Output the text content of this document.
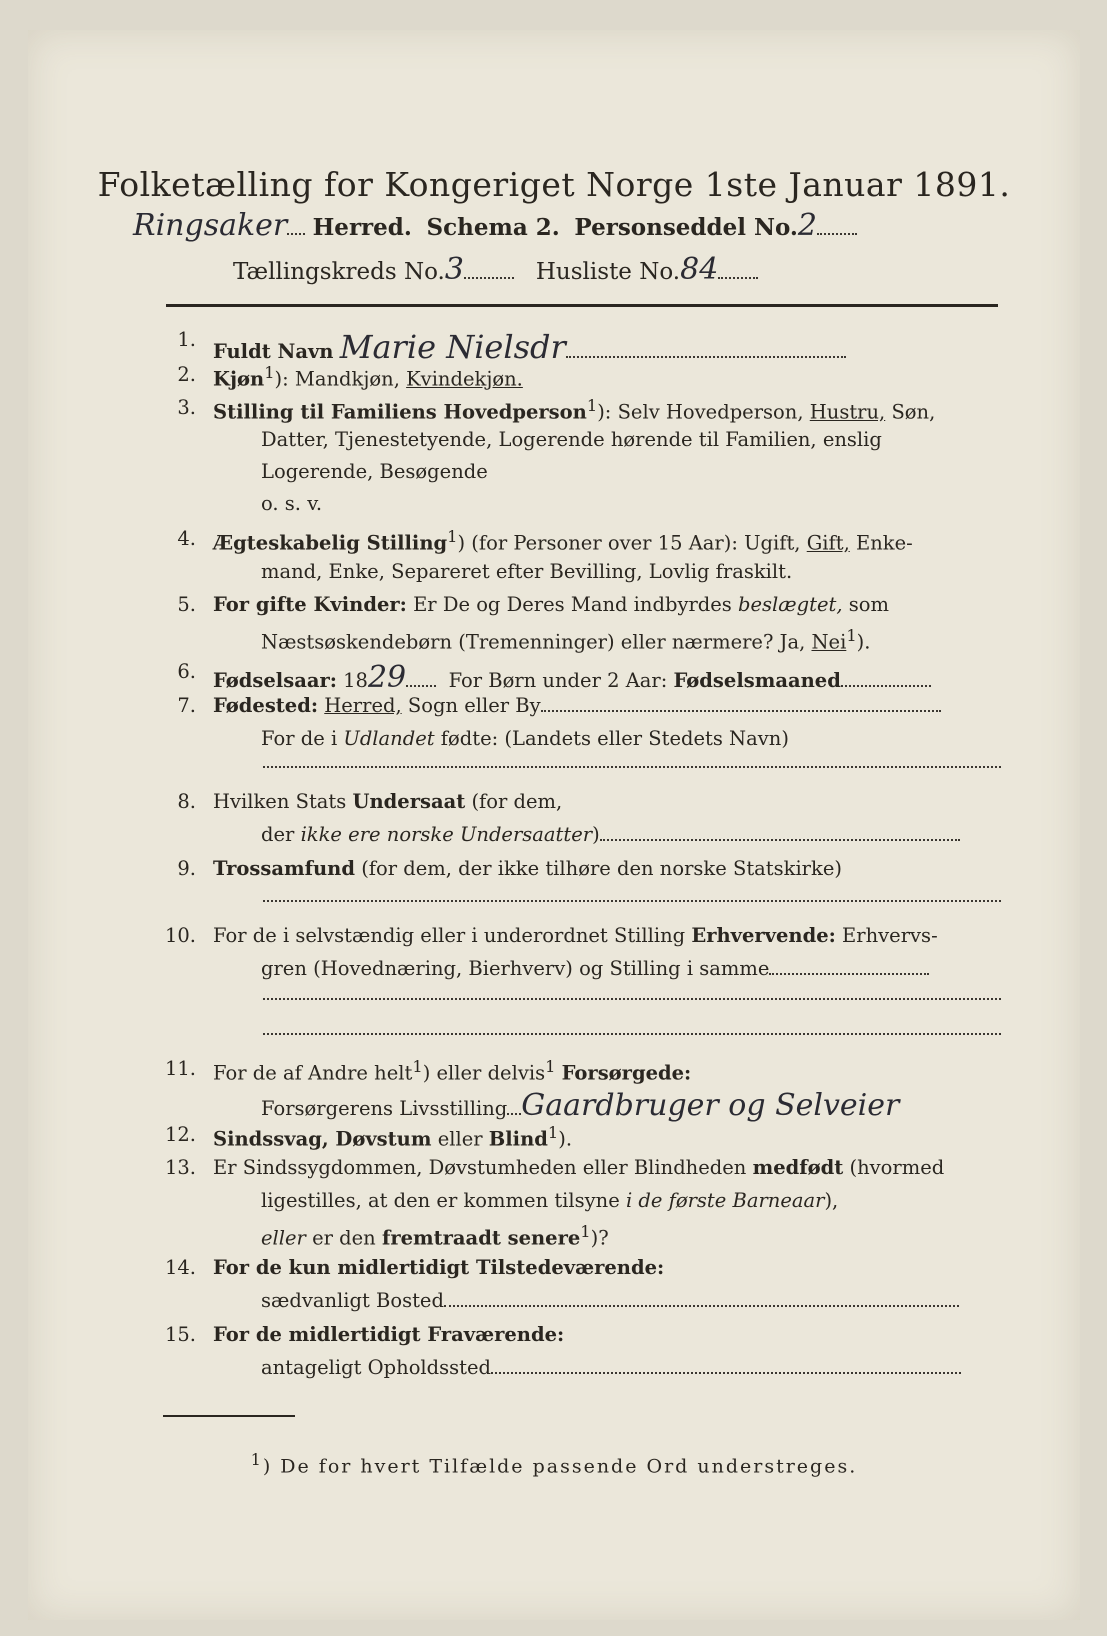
Folketælling for Kongeriget Norge 1ste Januar 1891.
Ringsaker Herred. Schema 2. Personseddel No.2
Tællingskreds No.3	Husliste No.84
1.
Fuldt Navn Marie Nielsdr
2. Kjøn$^1$): Mandkjøn, Kvindekjøn.
3. Stilling til Familiens Hovedperson$^1$): Selv Hovedperson, Hustru, Søn,
Datter, Tjenestetyende, Logerende hørende til Familien, enslig
Logerende, Besøgende
o. s. v.
4. Ægteskabelig Stilling$^1$) (for Personer over 15 Aar): Ugift, Gift, Enke-
mand, Enke, Separeret efter Bevilling, Lovlig fraskilt.
5. For gifte Kvinder: Er De og Deres Mand indbyrdes beslægtet, som
Næstsøskendebørn (Tremenninger) eller nærmere? Ja, Nei$^1$).
6. Fødselsaar: 1829 For Børn under 2 Aar: Fødselsmaaned
7. Fødested: Herred, Sogn eller By
For de i Udlandet fødte: (Landets eller Stedets Navn)
8. Hvilken Stats Undersaat (for dem,
der ikke ere norske Undersaatter)
9. Trossamfund (for dem, der ikke tilhøre den norske Statskirke)
10. For de i selvstændig eller i underordnet Stilling Erhvervende: Erhvervs-
gren (Hovednæring, Bierhverv) og Stilling i samme
11. For de af Andre helt$^1$) eller delvis$^1$ Forsørgede:
Forsørgerens Livsstilling Gaardbruger og Selveier
12. Sindssvag, Døvstum eller Blind$^1$).
13. Er Sindssygdommen, Døvstumheden eller Blindheden medfødt (hvormed
ligestilles, at den er kommen tilsyne i de første Barneaar),
eller er den fremtraadt senere$^1$)?
14. For de kun midlertidigt Tilstedeværende:
sædvanligt Bosted
15. For de midlertidigt Fraværende:
antageligt Opholdssted
$^1$) De for hvert Tilfælde passende Ord understreges.
